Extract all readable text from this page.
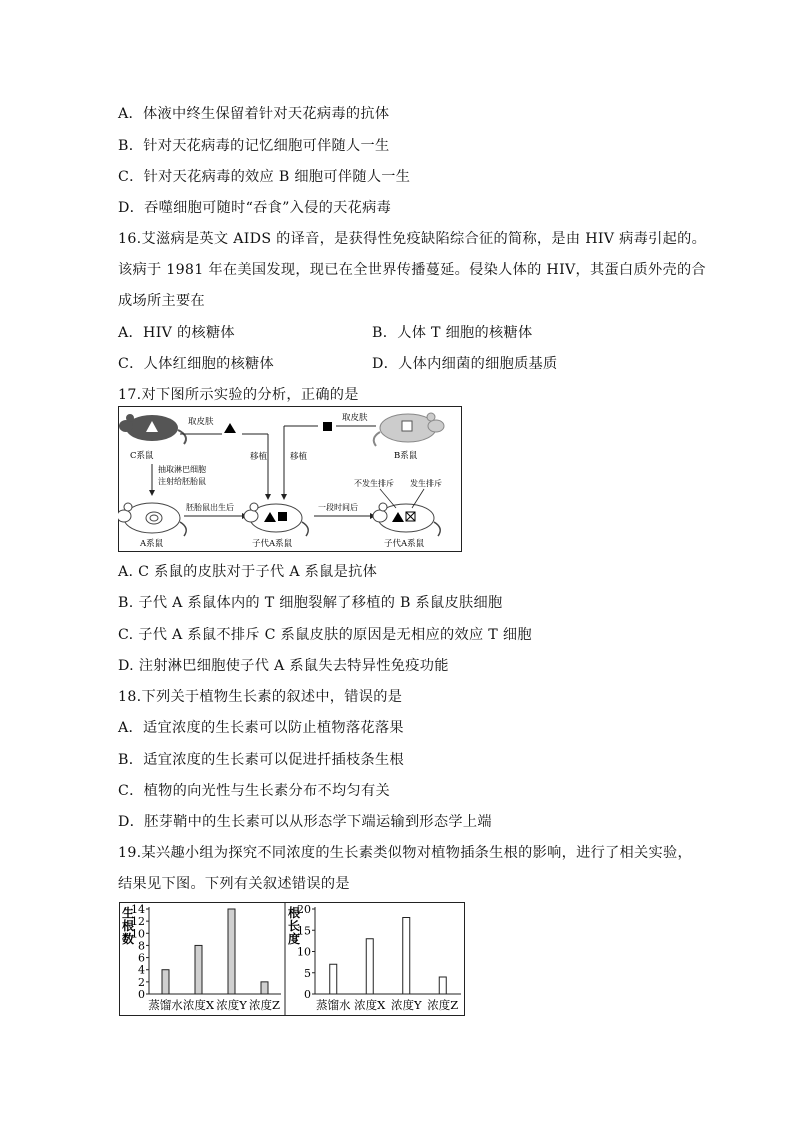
A．体液中终生保留着针对天花病毒的抗体
B．针对天花病毒的记忆细胞可伴随人一生
C．针对天花病毒的效应 B 细胞可伴随人一生
D．吞噬细胞可随时“吞食”入侵的天花病毒
16.艾滋病是英文 AIDS 的译音，是获得性免疫缺陷综合征的简称，是由 HIV 病毒引起的。
该病于 1981 年在美国发现，现已在全世界传播蔓延。侵染人体的 HIV，其蛋白质外壳的合
成场所主要在
A．HIV 的核糖体	B．人体 T 细胞的核糖体
C．人体红细胞的核糖体	D．人体内细菌的细胞质基质
17.对下图所示实验的分析，正确的是
C系鼠
取皮肤
B系鼠
取皮肤
移植	移植
抽取淋巴细胞
注射给胚胎鼠
A系鼠
胚胎鼠出生后
子代A系鼠
一段时间后
不发生排斥 发生排斥
子代A系鼠
A. C 系鼠的皮肤对于子代 A 系鼠是抗体
B. 子代 A 系鼠体内的 T 细胞裂解了移植的 B 系鼠皮肤细胞
C. 子代 A 系鼠不排斥 C 系鼠皮肤的原因是无相应的效应 T 细胞
D. 注射淋巴细胞使子代 A 系鼠失去特异性免疫功能
18.下列关于植物生长素的叙述中，错误的是
A．适宜浓度的生长素可以防止植物落花落果
B．适宜浓度的生长素可以促进扦插枝条生根
C．植物的向光性与生长素分布不均匀有关
D．胚芽鞘中的生长素可以从形态学下端运输到形态学上端
19.某兴趣小组为探究不同浓度的生长素类似物对植物插条生根的影响，进行了相关实验，
结果见下图。下列有关叙述错误的是
生
根
数
0
2
4
6
8
10
12
14
蒸馏水 浓度X 浓度Y 浓度Z
根
长
度
0
5
10
15
20
蒸馏水 浓度X 浓度Y 浓度Z
